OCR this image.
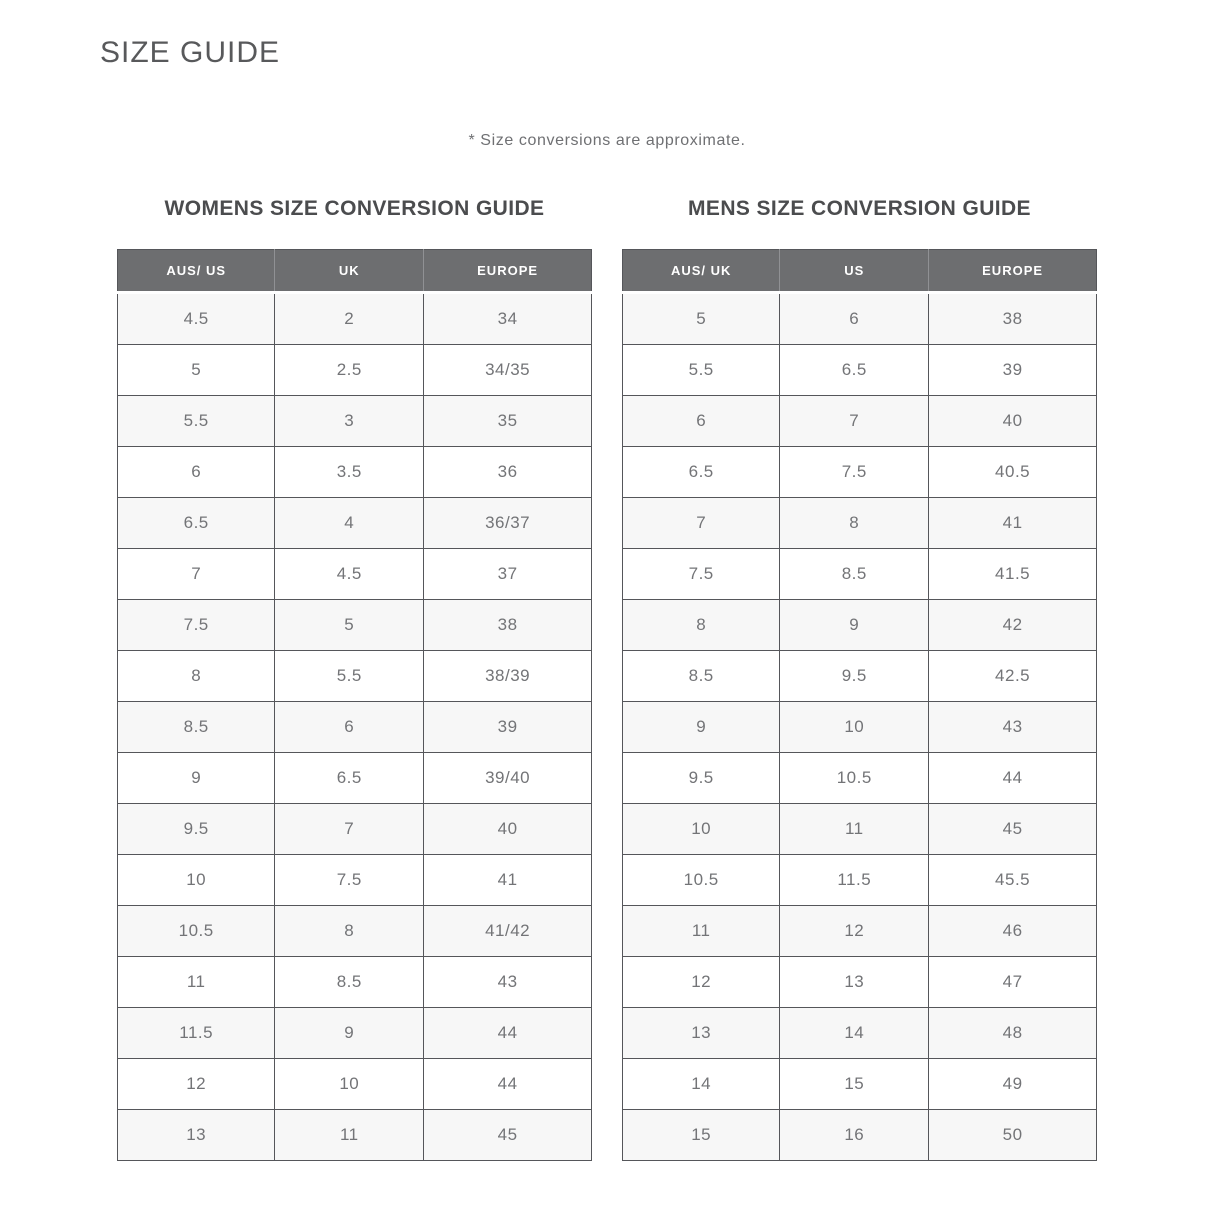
SIZE GUIDE
* Size conversions are approximate.
WOMENS SIZE CONVERSION GUIDE
AUS/ US	UK	EUROPE
4.5	2	34
5	2.5	34/35
5.5	3	35
6	3.5	36
6.5	4	36/37
7	4.5	37
7.5	5	38
8	5.5	38/39
8.5	6	39
9	6.5	39/40
9.5	7	40
10	7.5	41
10.5	8	41/42
11	8.5	43
11.5	9	44
12	10	44
13	11	45
MENS SIZE CONVERSION GUIDE
AUS/ UK	US	EUROPE
5	6	38
5.5	6.5	39
6	7	40
6.5	7.5	40.5
7	8	41
7.5	8.5	41.5
8	9	42
8.5	9.5	42.5
9	10	43
9.5	10.5	44
10	11	45
10.5	11.5	45.5
11	12	46
12	13	47
13	14	48
14	15	49
15	16	50
